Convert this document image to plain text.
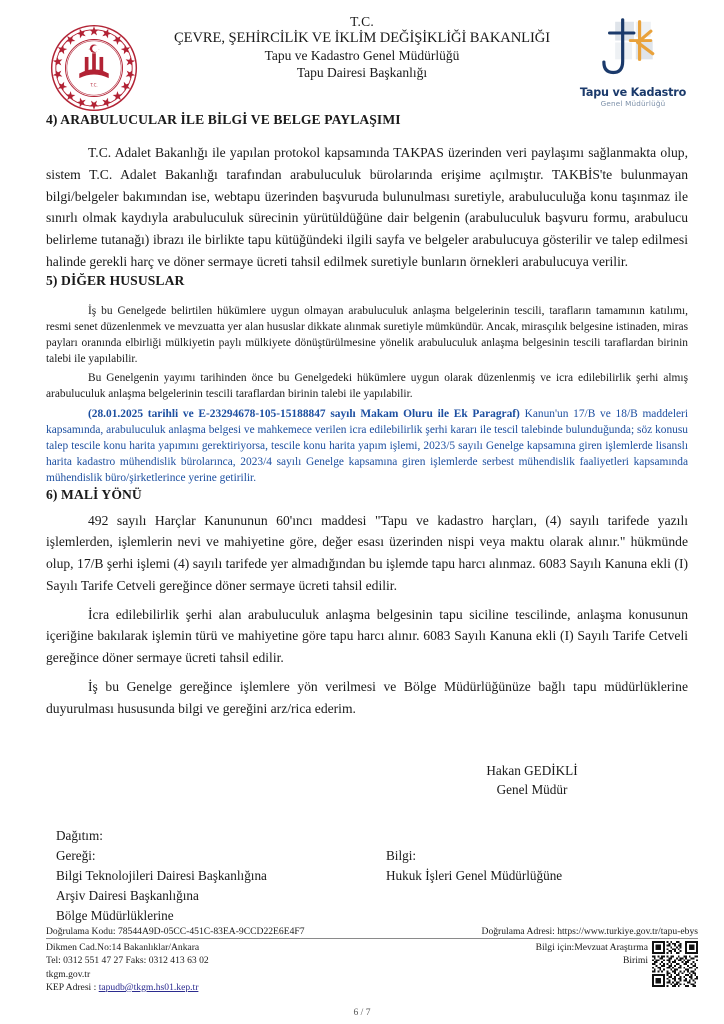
T.C.
T.C.
ÇEVRE, ŞEHİRCİLİK VE İKLİM DEĞİŞİKLİĞİ BAKANLIĞI
Tapu ve Kadastro Genel Müdürlüğü
Tapu Dairesi Başkanlığı
Tapu ve Kadastro
Genel Müdürlüğü
4) ARABULUCULAR İLE BİLGİ VE BELGE PAYLAŞIMI

T.C. Adalet Bakanlığı ile yapılan protokol kapsamında TAKPAS üzerinden veri paylaşımı sağlanmakta olup, sistem T.C. Adalet Bakanlığı tarafından arabuluculuk bürolarında erişime açılmıştır. TAKBİS'te bulunmayan bilgi/belgeler bakımından ise, webtapu üzerinden başvuruda bulunulması suretiyle, arabuluculuğa konu taşınmaz ile sınırlı olmak kaydıyla arabuluculuk sürecinin yürütüldüğüne dair belgenin (arabuluculuk başvuru formu, arabulucu belirleme tutanağı) ibrazı ile birlikte tapu kütüğündeki ilgili sayfa ve belgeler arabulucuya gösterilir ve talep edilmesi halinde gerekli harç ve döner sermaye ücreti tahsil edilmek suretiyle bunların örnekleri arabulucuya verilir.

5) DİĞER HUSUSLAR

İş bu Genelgede belirtilen hükümlere uygun olmayan arabuluculuk anlaşma belgelerinin tescili, tarafların tamamının katılımı, resmi senet düzenlenmek ve mevzuatta yer alan hususlar dikkate alınmak suretiyle mümkündür. Ancak, mirasçılık belgesine istinaden, miras payları oranında elbirliği mülkiyetin paylı mülkiyete dönüştürülmesine yönelik arabuluculuk anlaşma belgesinin tescili taraflardan birinin talebi ile yapılabilir.

Bu Genelgenin yayımı tarihinden önce bu Genelgedeki hükümlere uygun olarak düzenlenmiş ve icra edilebilirlik şerhi almış arabuluculuk anlaşma belgelerinin tescili taraflardan birinin talebi ile yapılabilir.

(28.01.2025 tarihli ve E-23294678-105-15188847 sayılı Makam Oluru ile Ek Paragraf) Kanun'un 17/B ve 18/B maddeleri kapsamında, arabuluculuk anlaşma belgesi ve mahkemece verilen icra edilebilirlik şerhi kararı ile tescil talebinde bulunduğunda; söz konusu talep tescile konu harita yapımını gerektiriyorsa, tescile konu harita yapım işlemi, 2023/5 sayılı Genelge kapsamına giren işlemlerde lisanslı harita kadastro mühendislik bürolarınca, 2023/4 sayılı Genelge kapsamına giren işlemlerde serbest mühendislik faaliyetleri kapsamında mühendislik büro/şirketlerince yerine getirilir.

6) MALİ YÖNÜ

492 sayılı Harçlar Kanununun 60'ıncı maddesi "Tapu ve kadastro harçları, (4) sayılı tarifede yazılı işlemlerden, işlemlerin nevi ve mahiyetine göre, değer esası üzerinden nispi veya maktu olarak alınır." hükmünde olup, 17/B şerhi işlemi (4) sayılı tarifede yer almadığından bu işlemde tapu harcı alınmaz. 6083 Sayılı Kanuna ekli (I) Sayılı Tarife Cetveli gereğince döner sermaye ücreti tahsil edilir.

İcra edilebilirlik şerhi alan arabuluculuk anlaşma belgesinin tapu siciline tescilinde, anlaşma konusunun içeriğine bakılarak işlemin türü ve mahiyetine göre tapu harcı alınır. 6083 Sayılı Kanuna ekli (I) Sayılı Tarife Cetveli gereğince döner sermaye ücreti tahsil edilir.

İş bu Genelge gereğince işlemlere yön verilmesi ve Bölge Müdürlüğünüze bağlı tapu müdürlüklerine duyurulması hususunda bilgi ve gereğini arz/rica ederim.

Hakan GEDİKLİ
Genel Müdür
Dağıtım:
Gereği:
Bilgi Teknolojileri Dairesi Başkanlığına
Arşiv Dairesi Başkanlığına
Bölge Müdürlüklerine
Bilgi:
Hukuk İşleri Genel Müdürlüğüne
Doğrulama Kodu: 78544A9D-05CC-451C-83EA-9CCD22E6E4F7	Doğrulama Adresi: https://www.turkiye.gov.tr/tapu-ebys
Dikmen Cad.No:14 Bakanlıklar/Ankara
Tel: 0312 551 47 27 Faks: 0312 413 63 02
tkgm.gov.tr
KEP Adresi : tapudb@tkgm.hs01.kep.tr
Bilgi için:Mevzuat Araştırma
Birimi
6 / 7
